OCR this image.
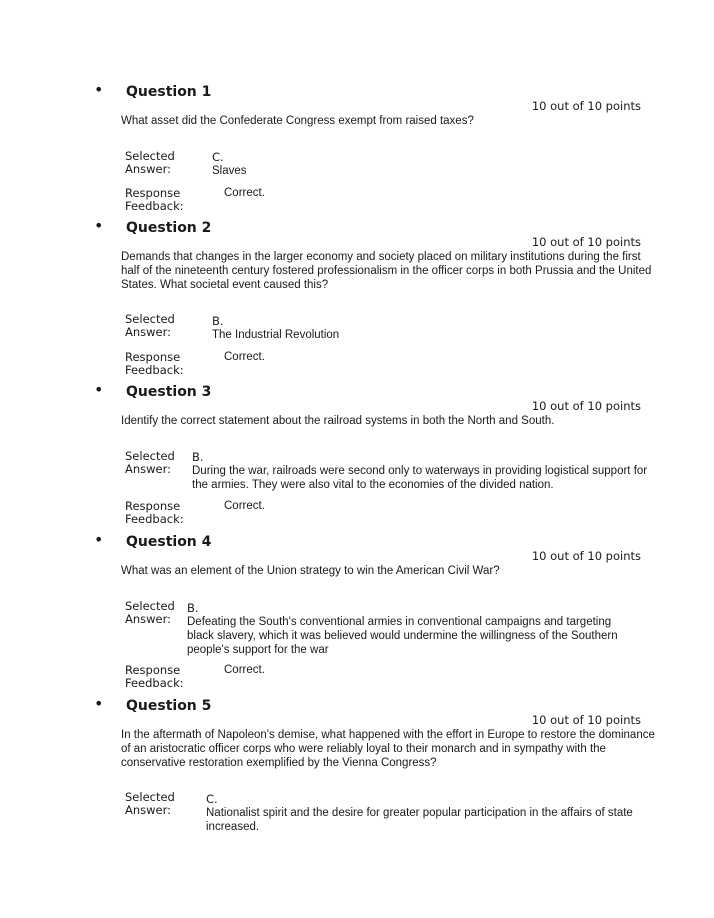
• Question 1
10 out of 10 points
What asset did the Confederate Congress exempt from raised taxes?
Selected
Answer:
C.
Slaves
Response
Feedback:
Correct.
• Question 2
10 out of 10 points
Demands that changes in the larger economy and society placed on military institutions during the first half of the nineteenth century fostered professionalism in the officer corps in both Prussia and the United States. What societal event caused this?
Selected
Answer:
B.
The Industrial Revolution
Response
Feedback:
Correct.
• Question 3
10 out of 10 points
Identify the correct statement about the railroad systems in both the North and South.
Selected
Answer:
B.
During the war, railroads were second only to waterways in providing logistical support for the armies. They were also vital to the economies of the divided nation.
Response
Feedback:
Correct.
• Question 4
10 out of 10 points
What was an element of the Union strategy to win the American Civil War?
Selected
Answer:
B.
Defeating the South's conventional armies in conventional campaigns and targeting black slavery, which it was believed would undermine the willingness of the Southern people's support for the war
Response
Feedback:
Correct.
• Question 5
10 out of 10 points
In the aftermath of Napoleon's demise, what happened with the effort in Europe to restore the dominance of an aristocratic officer corps who were reliably loyal to their monarch and in sympathy with the conservative restoration exemplified by the Vienna Congress?
Selected
Answer:
C.
Nationalist spirit and the desire for greater popular participation in the affairs of state increased.
